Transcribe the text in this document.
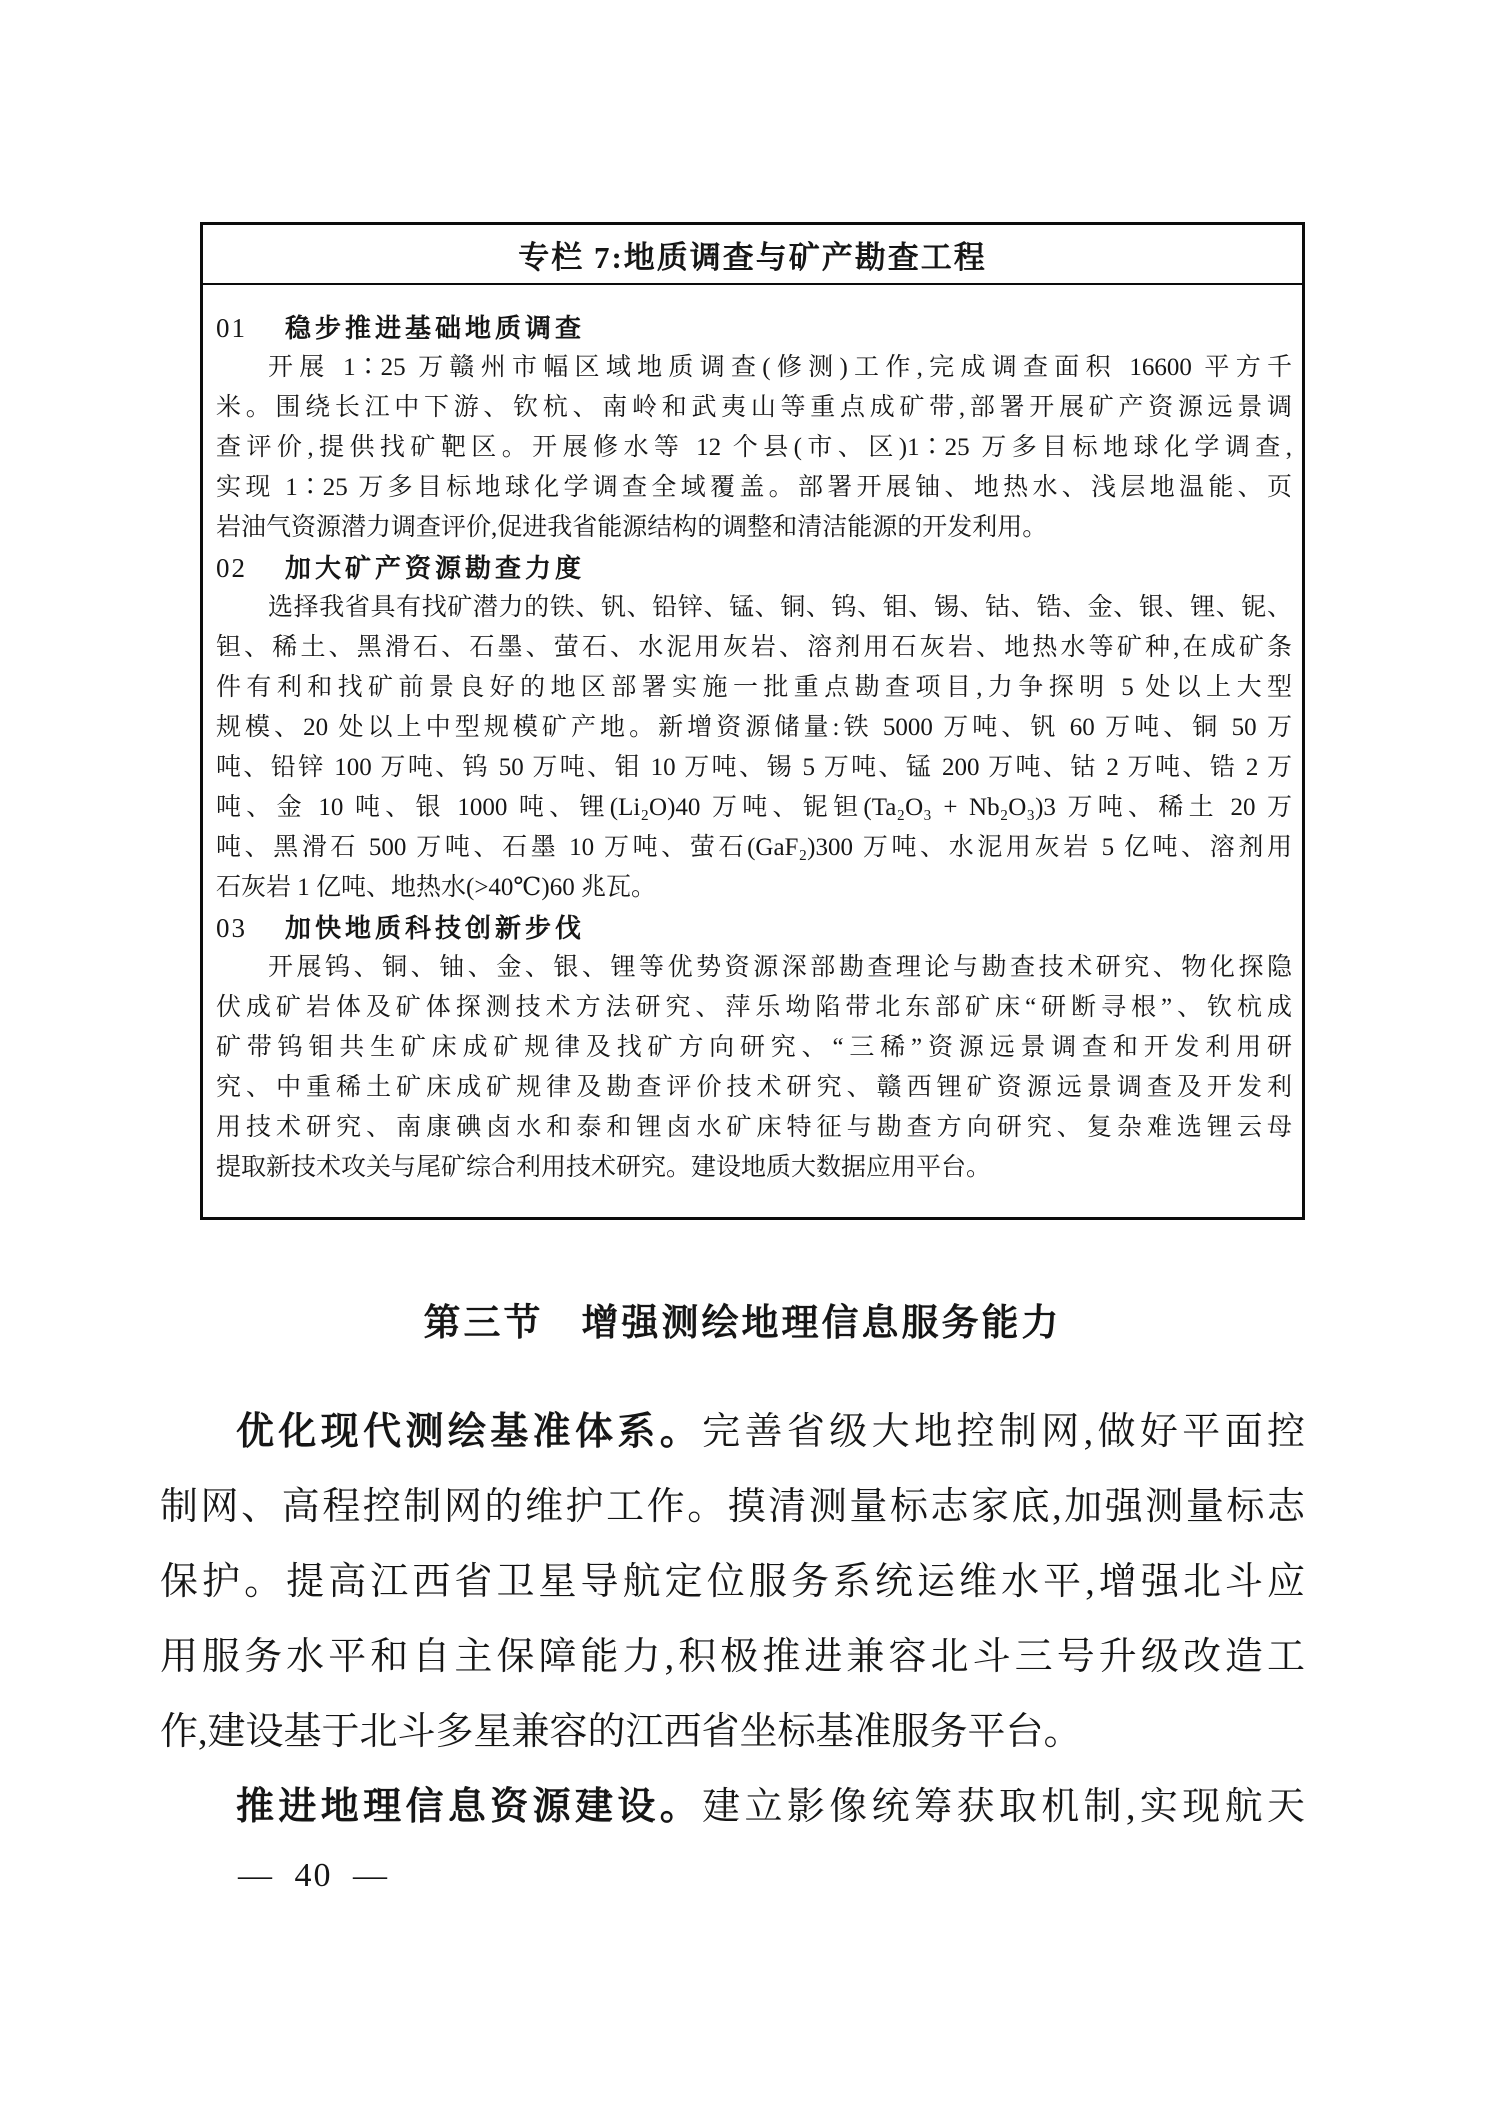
专栏 7:地质调查与矿产勘查工程
01 稳步推进基础地质调查
开展 1∶25 万赣州市幅区域地质调查(修测)工作,完成调查面积 16600 平方千
米。围绕长江中下游、钦杭、南岭和武夷山等重点成矿带,部署开展矿产资源远景调
查评价,提供找矿靶区。开展修水等 12 个县(市、区)1∶25 万多目标地球化学调查,
实现 1∶25 万多目标地球化学调查全域覆盖。部署开展铀、地热水、浅层地温能、页
岩油气资源潜力调查评价,促进我省能源结构的调整和清洁能源的开发利用。
02 加大矿产资源勘查力度
选择我省具有找矿潜力的铁、钒、铅锌、锰、铜、钨、钼、锡、钴、锆、金、银、锂、铌、
钽、稀土、黑滑石、石墨、萤石、水泥用灰岩、溶剂用石灰岩、地热水等矿种,在成矿条
件有利和找矿前景良好的地区部署实施一批重点勘查项目,力争探明 5 处以上大型
规模、20 处以上中型规模矿产地。新增资源储量:铁 5000 万吨、钒 60 万吨、铜 50 万
吨、铅锌 100 万吨、钨 50 万吨、钼 10 万吨、锡 5 万吨、锰 200 万吨、钴 2 万吨、锆 2 万
吨、金 10 吨、银 1000 吨、锂(Li₂O)40 万吨、铌钽(Ta₂O₃ + Nb₂O₃)3 万吨、稀土 20 万
吨、黑滑石 500 万吨、石墨 10 万吨、萤石(GaF₂)300 万吨、水泥用灰岩 5 亿吨、溶剂用
石灰岩 1 亿吨、地热水(>40℃)60 兆瓦。
03 加快地质科技创新步伐
开展钨、铜、铀、金、银、锂等优势资源深部勘查理论与勘查技术研究、物化探隐
伏成矿岩体及矿体探测技术方法研究、萍乐坳陷带北东部矿床“研断寻根”、钦杭成
矿带钨钼共生矿床成矿规律及找矿方向研究、“三稀”资源远景调查和开发利用研
究、中重稀土矿床成矿规律及勘查评价技术研究、赣西锂矿资源远景调查及开发利
用技术研究、南康碘卤水和泰和锂卤水矿床特征与勘查方向研究、复杂难选锂云母
提取新技术攻关与尾矿综合利用技术研究。建设地质大数据应用平台。
第三节 增强测绘地理信息服务能力
优化现代测绘基准体系。完善省级大地控制网,做好平面控
制网、高程控制网的维护工作。摸清测量标志家底,加强测量标志
保护。提高江西省卫星导航定位服务系统运维水平,增强北斗应
用服务水平和自主保障能力,积极推进兼容北斗三号升级改造工
作,建设基于北斗多星兼容的江西省坐标基准服务平台。
推进地理信息资源建设。建立影像统筹获取机制,实现航天
— 40 —
